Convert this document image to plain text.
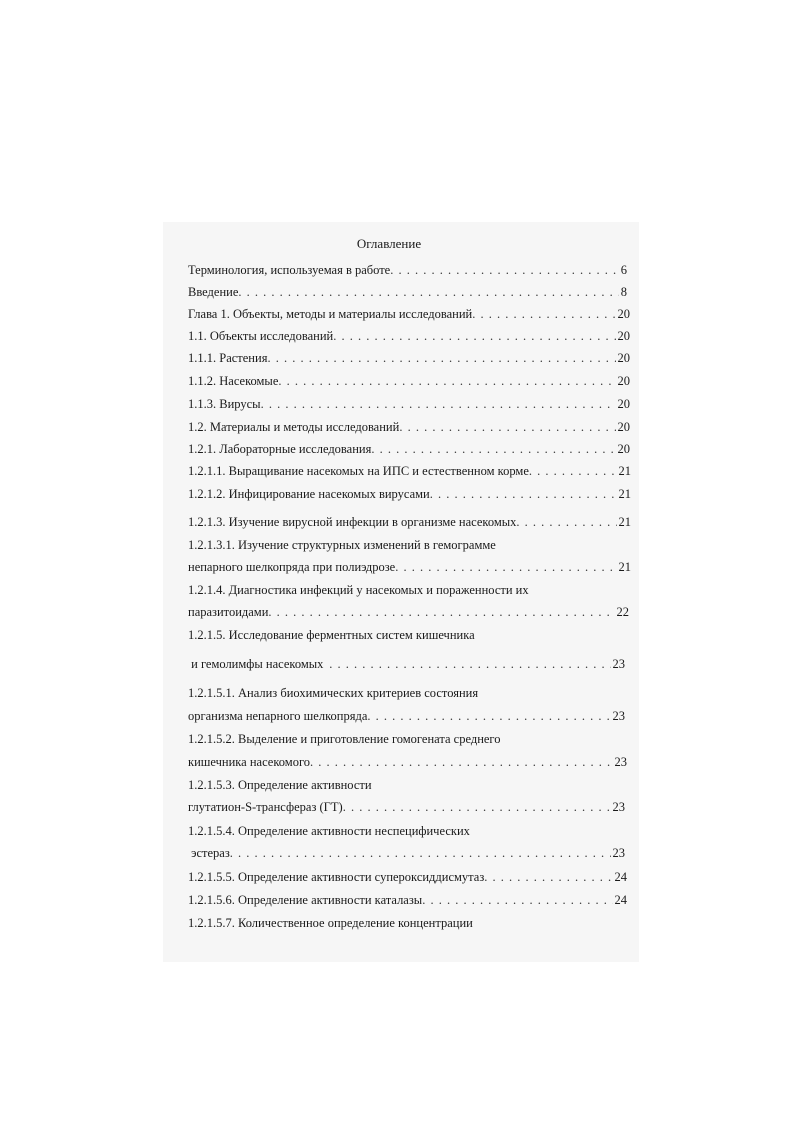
Оглавление
Терминология, используемая в работе . . .	6
Введение . . .	8
Глава 1. Объекты, методы и материалы исследований . . .	20
1.1. Объекты исследований . . .	20
1.1.1. Растения . . .	20
1.1.2. Насекомые . . .	20
1.1.3. Вирусы . . .	20
1.2. Материалы и методы исследований . . .	20
1.2.1. Лабораторные исследования . . .	20
1.2.1.1. Выращивание насекомых на ИПС и естественном корме . . .	21
1.2.1.2. Инфицирование насекомых вирусами . . .	21
1.2.1.3. Изучение вирусной инфекции в организме насекомых . . .	21
1.2.1.3.1. Изучение структурных изменений в гемограмме
непарного шелкопряда при полиэдрозе . . .	21
1.2.1.4. Диагностика инфекций у насекомых и пораженности их
паразитоидами . . .	22
1.2.1.5. Исследование ферментных систем кишечника
и гемолимфы насекомых . . .	23
1.2.1.5.1. Анализ биохимических критериев состояния
организма непарного шелкопряда . . .	23
1.2.1.5.2. Выделение и приготовление гомогената среднего
кишечника насекомого . . .	23
1.2.1.5.3. Определение активности
глутатион-S-трансфераз (ГТ) . . .	23
1.2.1.5.4. Определение активности неспецифических
эстераз . . .	23
1.2.1.5.5. Определение активности супероксиддисмутаз . . .	24
1.2.1.5.6. Определение активности каталазы . . .	24
1.2.1.5.7. Количественное определение концентрации
